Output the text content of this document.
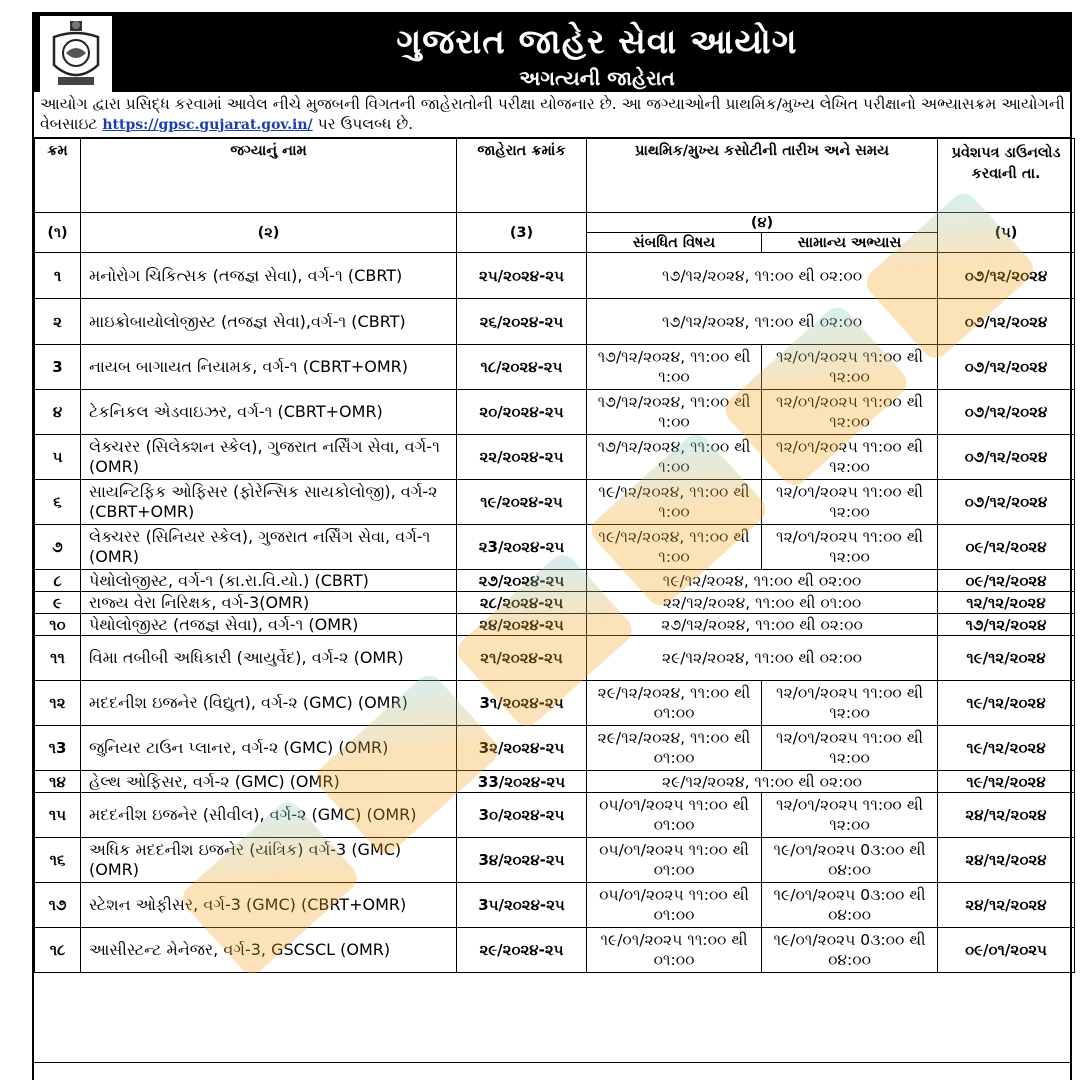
ગુજરાત જાહેર સેવા આયોગ
અગત્યની જાહેરાત
આયોગ દ્વારા પ્રસિદ્ધ કરવામાં આવેલ નીચે મુજબની વિગતની જાહેરાતોની પરીક્ષા યોજનાર છે. આ જગ્યાઓની પ્રાથમિક/મુખ્ય લેખિત પરીક્ષાનો અભ્યાસક્રમ આયોગની વેબસાઇટ https://gpsc.gujarat.gov.in/ પર ઉપલબ્ધ છે.
ક્રમ	જગ્યાનું નામ	જાહેરાત ક્રમાંક	પ્રાથમિક/મુખ્ય કસોટીની તારીખ અને સમય		પ્રવેશપત્ર ડાઉનલોડ કરવાની તા.
(૧)	(૨)	(3)	(૪)		(૫)
			સંબધિત વિષય	સામાન્ય અભ્યાસ	
૧	મનોરોગ ચિકિત્સક (તજજ્ઞ સેવા), વર્ગ-૧ (CBRT)	૨૫/૨૦૨૪-૨૫	૧૭/૧૨/૨૦૨૪, ૧૧:૦૦ થી ૦૨:૦૦		૦૭/૧૨/૨૦૨૪
૨	માઇક્રોબાયોલોજીસ્ટ (તજજ્ઞ સેવા),વર્ગ-૧ (CBRT)	૨૬/૨૦૨૪-૨૫	૧૭/૧૨/૨૦૨૪, ૧૧:૦૦ થી ૦૨:૦૦		૦૭/૧૨/૨૦૨૪
3	નાયબ બાગાયત નિયામક, વર્ગ-૧ (CBRT+OMR)	૧૮/૨૦૨૪-૨૫	૧૭/૧૨/૨૦૨૪, ૧૧:૦૦ થી ૧:૦૦	૧૨/૦૧/૨૦૨૫ ૧૧:૦૦ થી ૧૨:૦૦	૦૭/૧૨/૨૦૨૪
૪	ટેકનિકલ એડવાઇઝર, વર્ગ-૧ (CBRT+OMR)	૨૦/૨૦૨૪-૨૫	૧૭/૧૨/૨૦૨૪, ૧૧:૦૦ થી ૧:૦૦	૧૨/૦૧/૨૦૨૫ ૧૧:૦૦ થી ૧૨:૦૦	૦૭/૧૨/૨૦૨૪
૫	લેક્ચરર (સિલેક્શન સ્કેલ), ગુજરાત નર્સિંગ સેવા, વર્ગ-૧ (OMR)	૨૨/૨૦૨૪-૨૫	૧૭/૧૨/૨૦૨૪, ૧૧:૦૦ થી ૧:૦૦	૧૨/૦૧/૨૦૨૫ ૧૧:૦૦ થી ૧૨:૦૦	૦૭/૧૨/૨૦૨૪
૬	સાયન્ટિફિક ઓફિસર (ફોરેન્સિક સાયકોલોજી), વર્ગ-૨ (CBRT+OMR)	૧૯/૨૦૨૪-૨૫	૧૯/૧૨/૨૦૨૪, ૧૧:૦૦ થી ૧:૦૦	૧૨/૦૧/૨૦૨૫ ૧૧:૦૦ થી ૧૨:૦૦	૦૭/૧૨/૨૦૨૪
૭	લેક્ચરર (સિનિયર સ્કેલ), ગુજરાત નર્સિંગ સેવા, વર્ગ-૧ (OMR)	૨3/૨૦૨૪-૨૫	૧૯/૧૨/૨૦૨૪, ૧૧:૦૦ થી ૧:૦૦	૧૨/૦૧/૨૦૨૫ ૧૧:૦૦ થી ૧૨:૦૦	૦૯/૧૨/૨૦૨૪
૮	પેથોલોજીસ્ટ, વર્ગ-૧ (કા.રા.વિ.યો.) (CBRT)	૨૭/૨૦૨૪-૨૫	૧૯/૧૨/૨૦૨૪, ૧૧:૦૦ થી ૦૨:૦૦		૦૯/૧૨/૨૦૨૪
૯	રાજ્ય વેરા નિરિક્ષક, વર્ગ-3(OMR)	૨૮/૨૦૨૪-૨૫	૨૨/૧૨/૨૦૨૪, ૧૧:૦૦ થી ૦૧:૦૦		૧૨/૧૨/૨૦૨૪
૧૦	પેથોલોજીસ્ટ (તજજ્ઞ સેવા), વર્ગ-૧ (OMR)	૨૪/૨૦૨૪-૨૫	૨૭/૧૨/૨૦૨૪, ૧૧:૦૦ થી ૦૨:૦૦		૧૭/૧૨/૨૦૨૪
૧૧	વિમા તબીબી અધિકારી (આયુર્વેદ), વર્ગ-૨ (OMR)	૨૧/૨૦૨૪-૨૫	૨૯/૧૨/૨૦૨૪, ૧૧:૦૦ થી ૦૨:૦૦		૧૯/૧૨/૨૦૨૪
૧૨	મદદનીશ ઇજનેર (વિદ્યુત), વર્ગ-૨ (GMC) (OMR)	3૧/૨૦૨૪-૨૫	૨૯/૧૨/૨૦૨૪, ૧૧:૦૦ થી ૦૧:૦૦	૧૨/૦૧/૨૦૨૫ ૧૧:૦૦ થી ૧૨:૦૦	૧૯/૧૨/૨૦૨૪
૧3	જુનિયર ટાઉન પ્લાનર, વર્ગ-૨ (GMC) (OMR)	3૨/૨૦૨૪-૨૫	૨૯/૧૨/૨૦૨૪, ૧૧:૦૦ થી ૦૧:૦૦	૧૨/૦૧/૨૦૨૫ ૧૧:૦૦ થી ૧૨:૦૦	૧૯/૧૨/૨૦૨૪
૧૪	હેલ્થ ઓફિસર, વર્ગ-૨ (GMC) (OMR)	33/૨૦૨૪-૨૫	૨૯/૧૨/૨૦૨૪, ૧૧:૦૦ થી ૦૨:૦૦		૧૯/૧૨/૨૦૨૪
૧૫	મદદનીશ ઇજનેર (સીવીલ), વર્ગ-૨ (GMC) (OMR)	3૦/૨૦૨૪-૨૫	૦૫/૦૧/૨૦૨૫ ૧૧:૦૦ થી ૦૧:૦૦	૧૨/૦૧/૨૦૨૫ ૧૧:૦૦ થી ૧૨:૦૦	૨૪/૧૨/૨૦૨૪
૧૬	અધિક મદદનીશ ઇજનેર (યાંત્રિક) વર્ગ-3 (GMC) (OMR)	3૪/૨૦૨૪-૨૫	૦૫/૦૧/૨૦૨૫ ૧૧:૦૦ થી ૦૧:૦૦	૧૯/૦૧/૨૦૨૫ 0૩:૦૦ થી ૦૪:૦૦	૨૪/૧૨/૨૦૨૪
૧૭	સ્ટેશન ઓફીસર, વર્ગ-3 (GMC) (CBRT+OMR)	3૫/૨૦૨૪-૨૫	૦૫/૦૧/૨૦૨૫ ૧૧:૦૦ થી ૦૧:૦૦	૧૯/૦૧/૨૦૨૫ 0૩:૦૦ થી ૦૪:૦૦	૨૪/૧૨/૨૦૨૪
૧૮	આસીસ્ટન્ટ મેનેજર, વર્ગ-3, GSCSCL (OMR)	૨૯/૨૦૨૪-૨૫	૧૯/૦૧/૨૦૨૫ ૧૧:૦૦ થી ૦૧:૦૦	૧૯/૦૧/૨૦૨૫ 0૩:૦૦ થી ૦૪:૦૦	૦૯/૦૧/૨૦૨૫
